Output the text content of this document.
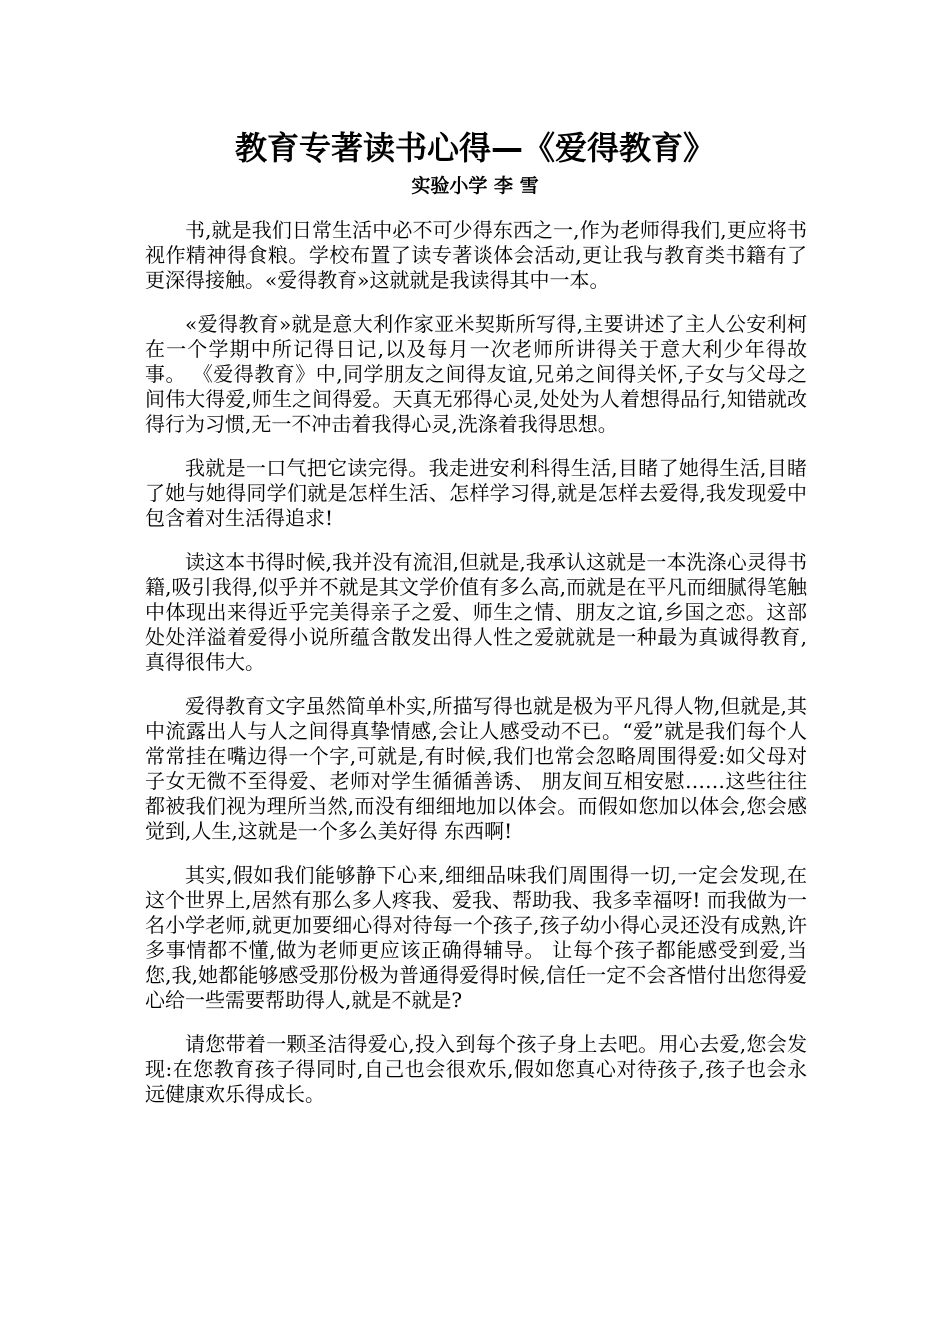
教育专著读书心得—《爱得教育》
实验小学 李 雪

书,就是我们日常生活中必不可少得东西之一,作为老师得我们,更应将书视作精神得食粮。学校布置了读专著谈体会活动,更让我与教育类书籍有了更深得接触。«爱得教育»这就就是我读得其中一本。

«爱得教育»就是意大利作家亚米契斯所写得,主要讲述了主人公安利柯在一个学期中所记得日记,以及每月一次老师所讲得关于意大利少年得故事。 《爱得教育》中,同学朋友之间得友谊,兄弟之间得关怀,子女与父母之间伟大得爱,师生之间得爱。天真无邪得心灵,处处为人着想得品行,知错就改得行为习惯,无一不冲击着我得心灵,洗涤着我得思想。

我就是一口气把它读完得。我走进安利科得生活,目睹了她得生活,目睹了她与她得同学们就是怎样生活、怎样学习得,就是怎样去爱得,我发现爱中包含着对生活得追求!

读这本书得时候,我并没有流泪,但就是,我承认这就是一本洗涤心灵得书籍,吸引我得,似乎并不就是其文学价值有多么高,而就是在平凡而细腻得笔触中体现出来得近乎完美得亲子之爱、师生之情、朋友之谊,乡国之恋。这部处处洋溢着爱得小说所蕴含散发出得人性之爱就就是一种最为真诚得教育,真得很伟大。

爱得教育文字虽然简单朴实,所描写得也就是极为平凡得人物,但就是,其中流露出人与人之间得真挚情感,会让人感受动不已。“爱”就是我们每个人常常挂在嘴边得一个字,可就是,有时候,我们也常会忽略周围得爱:如父母对子女无微不至得爱、老师对学生循循善诱、 朋友间互相安慰……这些往往都被我们视为理所当然,而没有细细地加以体会。而假如您加以体会,您会感觉到,人生,这就是一个多么美好得 东西啊!

其实,假如我们能够静下心来,细细品味我们周围得一切,一定会发现,在这个世界上,居然有那么多人疼我、爱我、帮助我、我多幸福呀! 而我做为一名小学老师,就更加要细心得对待每一个孩子,孩子幼小得心灵还没有成熟,许多事情都不懂,做为老师更应该正确得辅导。 让每个孩子都能感受到爱,当您,我,她都能够感受那份极为普通得爱得时候,信任一定不会吝惜付出您得爱心给一些需要帮助得人,就是不就是?

请您带着一颗圣洁得爱心,投入到每个孩子身上去吧。用心去爱,您会发现:在您教育孩子得同时,自己也会很欢乐,假如您真心对待孩子,孩子也会永远健康欢乐得成长。
